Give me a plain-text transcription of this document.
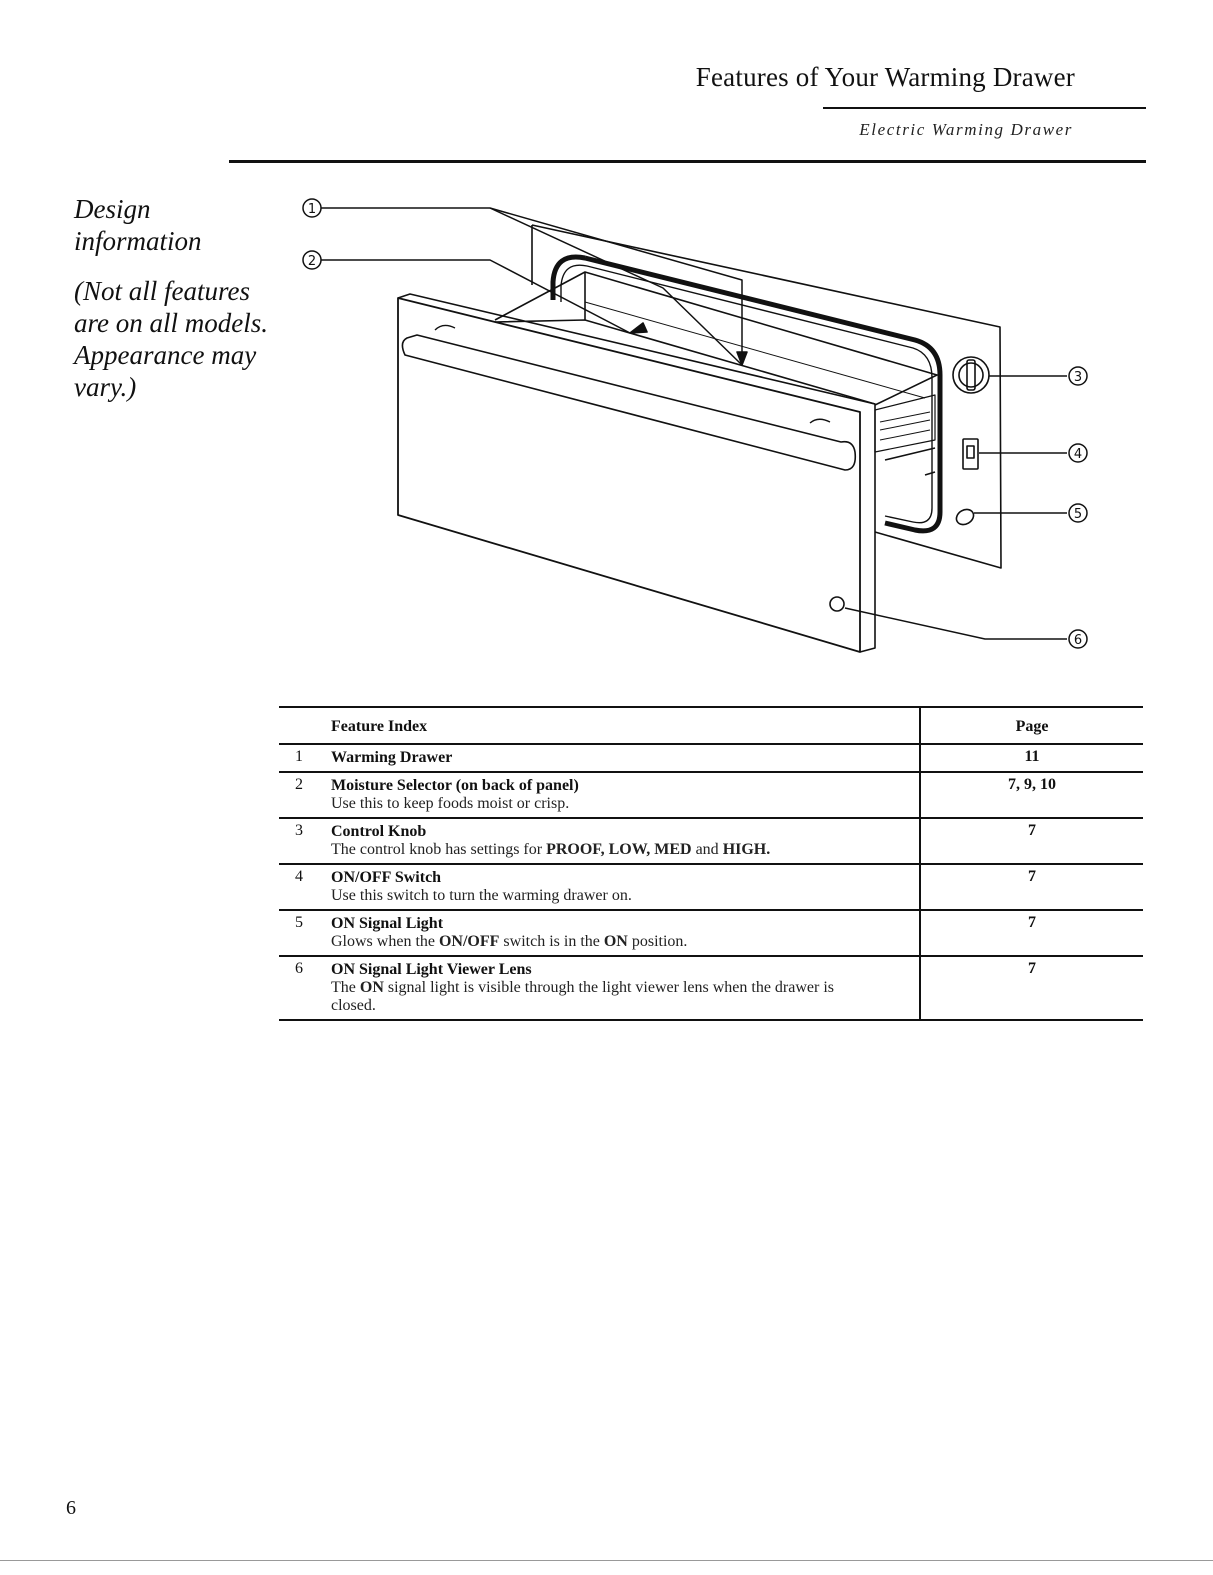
Features of Your Warming Drawer
Electric Warming Drawer

Design

information

(Not all features

are on all models.

Appearance may

vary.)

1
2
3
4
5
6
	Feature Index	Page
1	Warming Drawer	11
2	Moisture Selector (on back of panel)
Use this to keep foods moist or crisp.	7, 9, 10
3	Control Knob
The control knob has settings for PROOF, LOW, MED and HIGH.	7
4	ON/OFF Switch
Use this switch to turn the warming drawer on.	7
5	ON Signal Light
Glows when the ON/OFF switch is in the ON position.	7
6	ON Signal Light Viewer Lens
The ON signal light is visible through the light viewer lens when the drawer is closed.	7
6
